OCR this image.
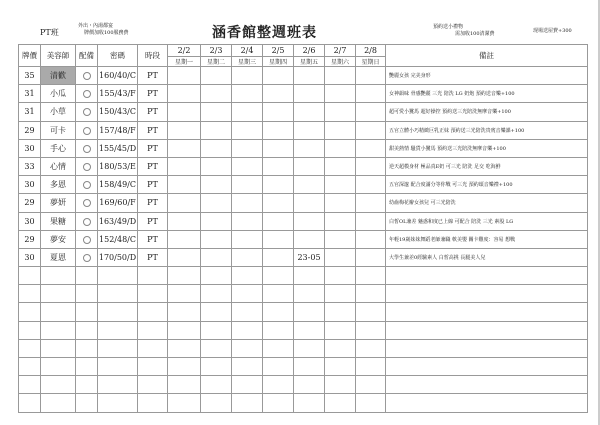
PT班
外出・內湯都宴
牌價加收100服務費	涵香館整週班表	預約送小禮物
需加收100清潔費	现場送屋費+300
牌價	美容師	配備	密碼	時段	2/2	2/3	2/4	2/5	2/6	2/7	2/8	備註
					星期一	星期二	星期三	星期四	星期五	星期六	星期日	
35	清歡		160/40/C	PT								艷麗女孩 完美身形
31	小瓜		155/43/F	PT								女神韻味 骨感艷麗 三光 陪洗 LG 奶炮 預約送音樂+100
31	小草		150/43/C	PT								超可愛小鬘馬 超好操控 預約送三光陪洗無摩音樂+100
29	可卡		157/48/F	PT								五官立體小巧精緻巨乳正妹 預約送三光陪洗贵賓音樂課+100
30	手心		155/45/D	PT								甜美熱情 騷貨小鬘馬 預約送三光陪洗無摩音樂+100
33	心情		180/53/E	PT								逆天超模身材 極品真E奶 可三光 陪洗 足交 吃海鮮
30	多恩		158/49/C	PT								五官深邃 配合度滿分等你戰 可三光 預約頌音樂禮+100
29	夢妍		169/60/F	PT								幼齒梅花辮女孩兒 可三光陪洗
30	果糖		163/49/D	PT								白皙OL兼差 魅惑和度已上線 可配合 陪洗 三光 素股 LG
29	夢安		152/48/C	PT								年輕19歲妹妹舞蹈老師兼職 軟美嬰 關卡難度：容易 想戰
30	夏恩		170/50/D	PT					23-05			大學生兼差0經驗素人 白皙高挑 長腿美人兒
